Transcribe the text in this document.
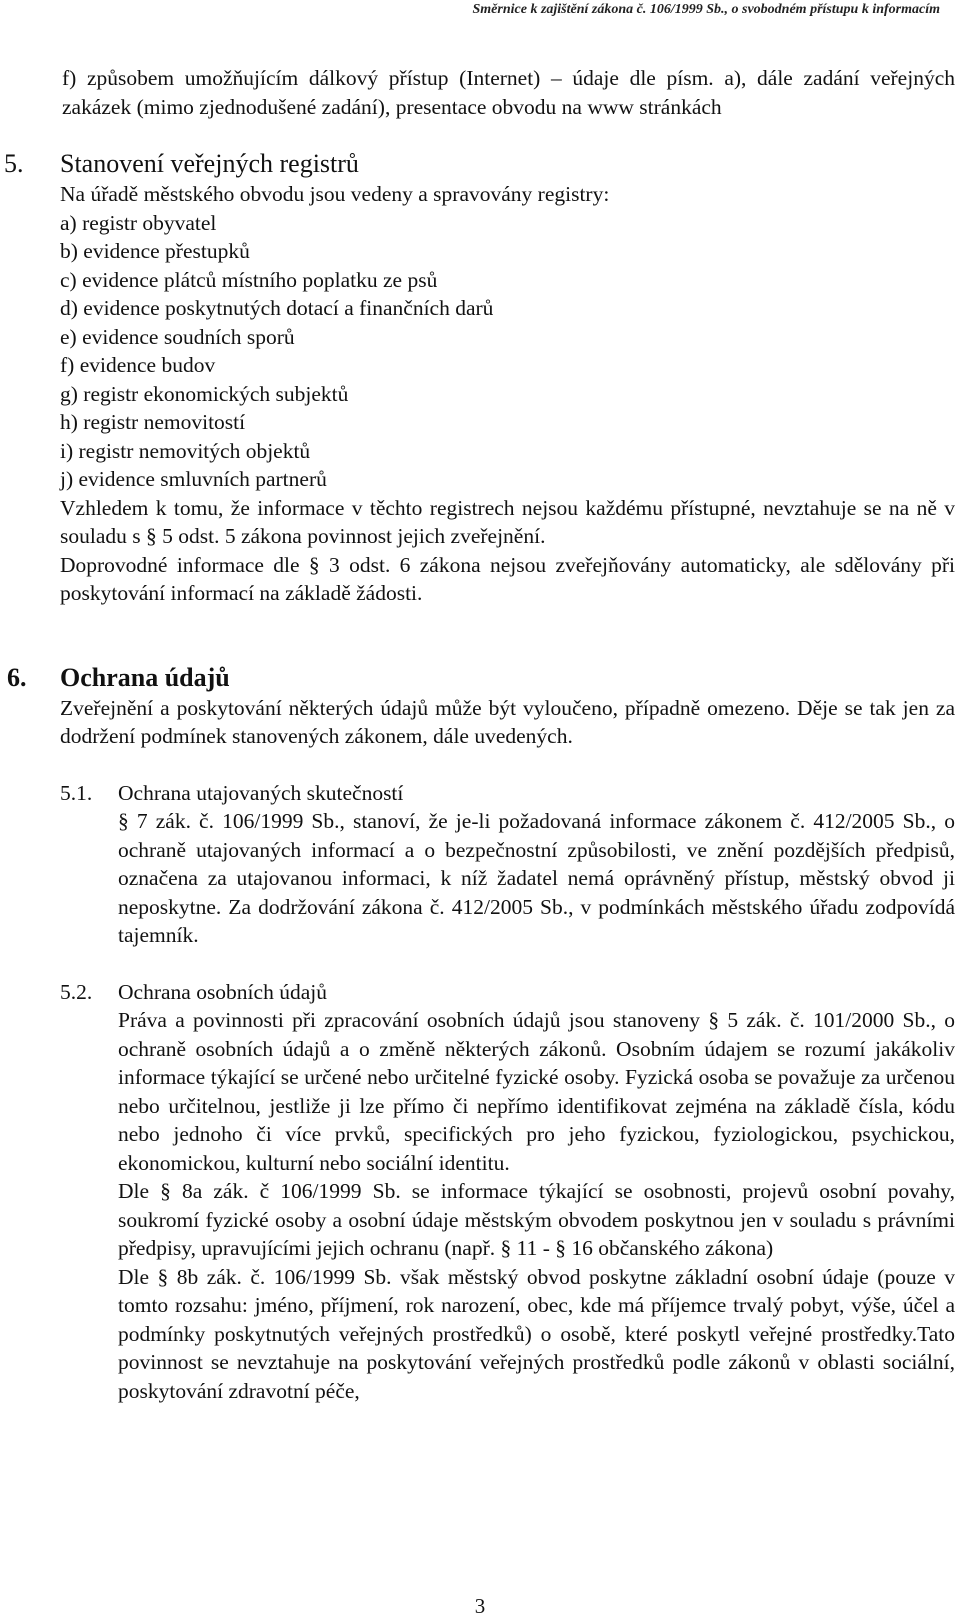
Směrnice k zajištění zákona č. 106/1999 Sb., o svobodném přístupu k informacím

f) způsobem umožňujícím dálkový přístup (Internet) – údaje dle písm. a), dále zadání veřejných zakázek (mimo zjednodušené zadání), presentace obvodu na www stránkách

5. Stanovení veřejných registrů

Na úřadě městského obvodu jsou vedeny a spravovány registry:

a) registr obyvatel
b) evidence přestupků
c) evidence plátců místního poplatku ze psů
d) evidence poskytnutých dotací a finančních darů
e) evidence soudních sporů
f) evidence budov
g) registr ekonomických subjektů
h) registr nemovitostí
i) registr nemovitých objektů
j) evidence smluvních partnerů

Vzhledem k tomu, že informace v těchto registrech nejsou každému přístupné, nevztahuje se na ně v souladu s § 5 odst. 5 zákona povinnost jejich zveřejnění.

Doprovodné informace dle § 3 odst. 6 zákona nejsou zveřejňovány automaticky, ale sdělovány při poskytování informací na základě žádosti.

6. Ochrana údajů

Zveřejnění a poskytování některých údajů může být vyloučeno, případně omezeno. Děje se tak jen za dodržení podmínek stanovených zákonem, dále uvedených.

5.1. Ochrana utajovaných skutečností

§ 7 zák. č. 106/1999 Sb., stanoví, že je-li požadovaná informace zákonem č. 412/2005 Sb., o ochraně utajovaných informací a o bezpečnostní způsobilosti, ve znění pozdějších předpisů, označena za utajovanou informaci, k níž žadatel nemá oprávněný přístup, městský obvod ji neposkytne. Za dodržování zákona č. 412/2005 Sb., v podmínkách městského úřadu zodpovídá tajemník.

5.2. Ochrana osobních údajů

Práva a povinnosti při zpracování osobních údajů jsou stanoveny § 5 zák. č. 101/2000 Sb., o ochraně osobních údajů a o změně některých zákonů. Osobním údajem se rozumí jakákoliv informace týkající se určené nebo určitelné fyzické osoby. Fyzická osoba se považuje za určenou nebo určitelnou, jestliže ji lze přímo či nepřímo identifikovat zejména na základě čísla, kódu nebo jednoho či více prvků, specifických pro jeho fyzickou, fyziologickou, psychickou, ekonomickou, kulturní nebo sociální identitu.

Dle § 8a zák. č 106/1999 Sb. se informace týkající se osobnosti, projevů osobní povahy, soukromí fyzické osoby a osobní údaje městským obvodem poskytnou jen v souladu s právními předpisy, upravujícími jejich ochranu (např. § 11 - § 16 občanského zákona)

Dle § 8b zák. č. 106/1999 Sb. však městský obvod poskytne základní osobní údaje (pouze v tomto rozsahu: jméno, příjmení, rok narození, obec, kde má příjemce trvalý pobyt, výše, účel a podmínky poskytnutých veřejných prostředků) o osobě, které poskytl veřejné prostředky.Tato povinnost se nevztahuje na poskytování veřejných prostředků podle zákonů v oblasti sociální, poskytování zdravotní péče,

3
